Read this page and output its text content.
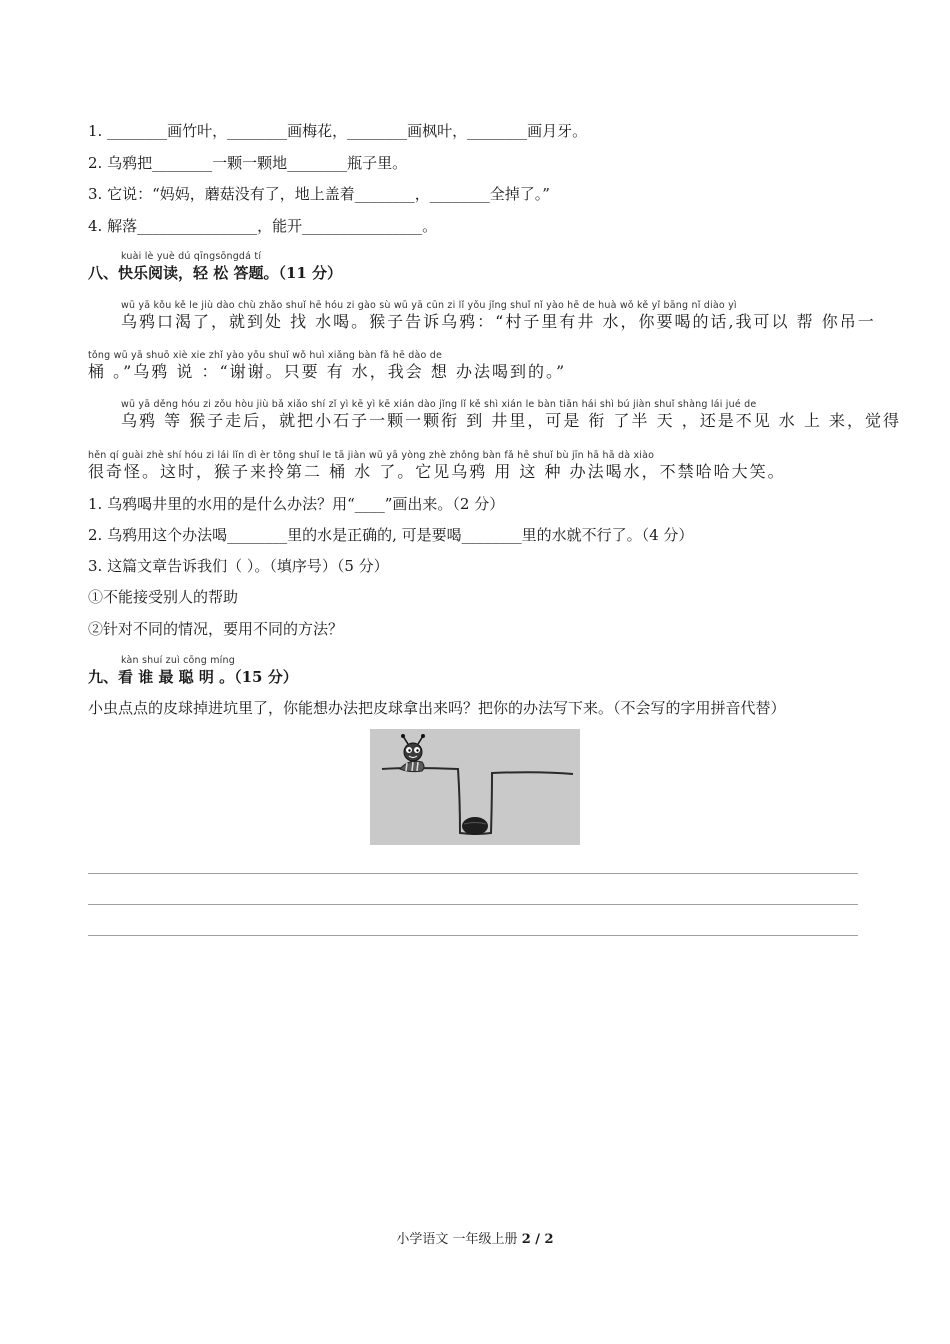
1. ________画竹叶，________画梅花，________画枫叶，________画月牙。
2. 乌鸦把________一颗一颗地________瓶子里。
3. 它说：“妈妈，蘑菇没有了，地上盖着________，________全掉了。”
4. 解落________________，能开________________。
kuài lè yuè dú qīngsōngdá tí
八、快乐阅读，轻 松 答题。（11 分）
wū yā kǒu kě le jiù dào chù zhǎo shuǐ hē hóu zi gào sù wū yā cūn zi lǐ yǒu jǐng shuǐ nǐ yào hē de huà wǒ kě yǐ bāng nǐ diào yì
乌鸦口渴了，就到处 找 水喝。猴子告诉乌鸦：“村子里有井 水，你要喝的话,我可以 帮 你吊一
tǒng wū yā shuō xiè xie zhǐ yào yǒu shuǐ wǒ huì xiǎng bàn fǎ hē dào de
桶 。”乌鸦 说 ：“谢谢。只要 有 水，我会 想 办法喝到的。”
wū yā děng hóu zi zǒu hòu jiù bǎ xiǎo shí zǐ yì kē yì kē xián dào jǐng lǐ kě shì xián le bàn tiān hái shì bú jiàn shuǐ shàng lái jué de
乌鸦 等 猴子走后，就把小石子一颗一颗衔 到 井里，可是 衔 了半 天 ，还是不见 水 上 来，觉得
hěn qí guài zhè shí hóu zi lái lǐn dì èr tǒng shuǐ le tā jiàn wū yā yòng zhè zhǒng bàn fǎ hē shuǐ bù jīn hā hā dà xiào
很奇怪。这时，猴子来拎第二 桶 水 了。它见乌鸦 用 这 种 办法喝水，不禁哈哈大笑。
1. 乌鸦喝井里的水用的是什么办法？用“____”画出来。（2 分）
2. 乌鸦用这个办法喝________里的水是正确的, 可是要喝________里的水就不行了。（4 分）
3. 这篇文章告诉我们（ ）。（填序号）（5 分）
①不能接受别人的帮助
②针对不同的情况，要用不同的方法？
kàn shuí zuì cōng míng
九、看 谁 最 聪 明 。（15 分）
小虫点点的皮球掉进坑里了，你能想办法把皮球拿出来吗？把你的办法写下来。（不会写的字用拼音代替）
小学语文 一年级上册 2 / 2
